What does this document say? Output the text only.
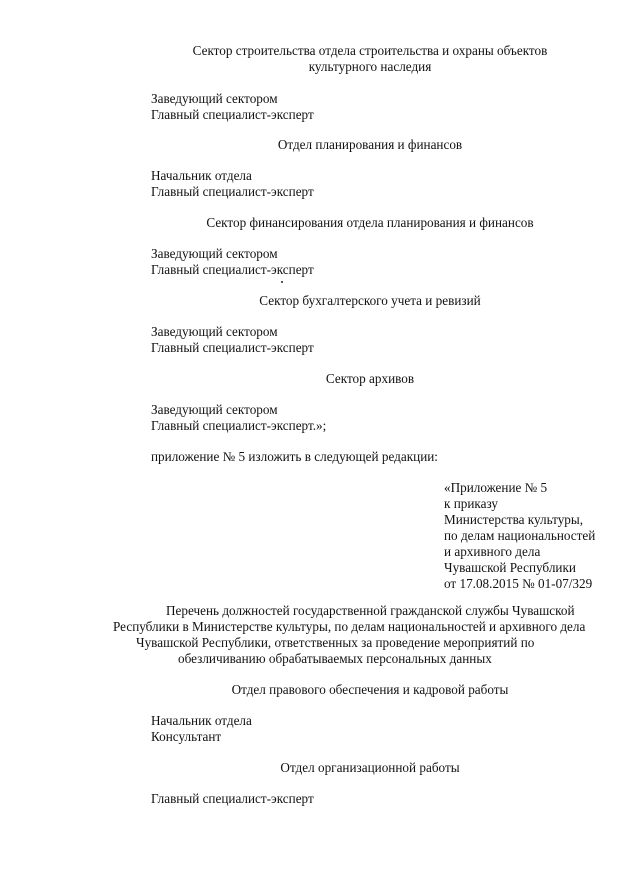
Сектор строительства отдела строительства и охраны объектов
культурного наследия
Заведующий сектором
Главный специалист-эксперт
Отдел планирования и финансов
Начальник отдела
Главный специалист-эксперт
Сектор финансирования отдела планирования и финансов
Заведующий сектором
Главный специалист-эксперт
Сектор бухгалтерского учета и ревизий
Заведующий сектором
Главный специалист-эксперт
Сектор архивов
Заведующий сектором
Главный специалист-эксперт.»;
приложение № 5 изложить в следующей редакции:
«Приложение № 5
к приказу
Министерства культуры,
по делам национальностей
и архивного дела
Чувашской Республики
от 17.08.2015 № 01-07/329
Перечень должностей государственной гражданской службы Чувашской
Республики в Министерстве культуры, по делам национальностей и архивного дела
Чувашской Республики, ответственных за проведение мероприятий по
обезличиванию обрабатываемых персональных данных
Отдел правового обеспечения и кадровой работы
Начальник отдела
Консультант
Отдел организационной работы
Главный специалист-эксперт
